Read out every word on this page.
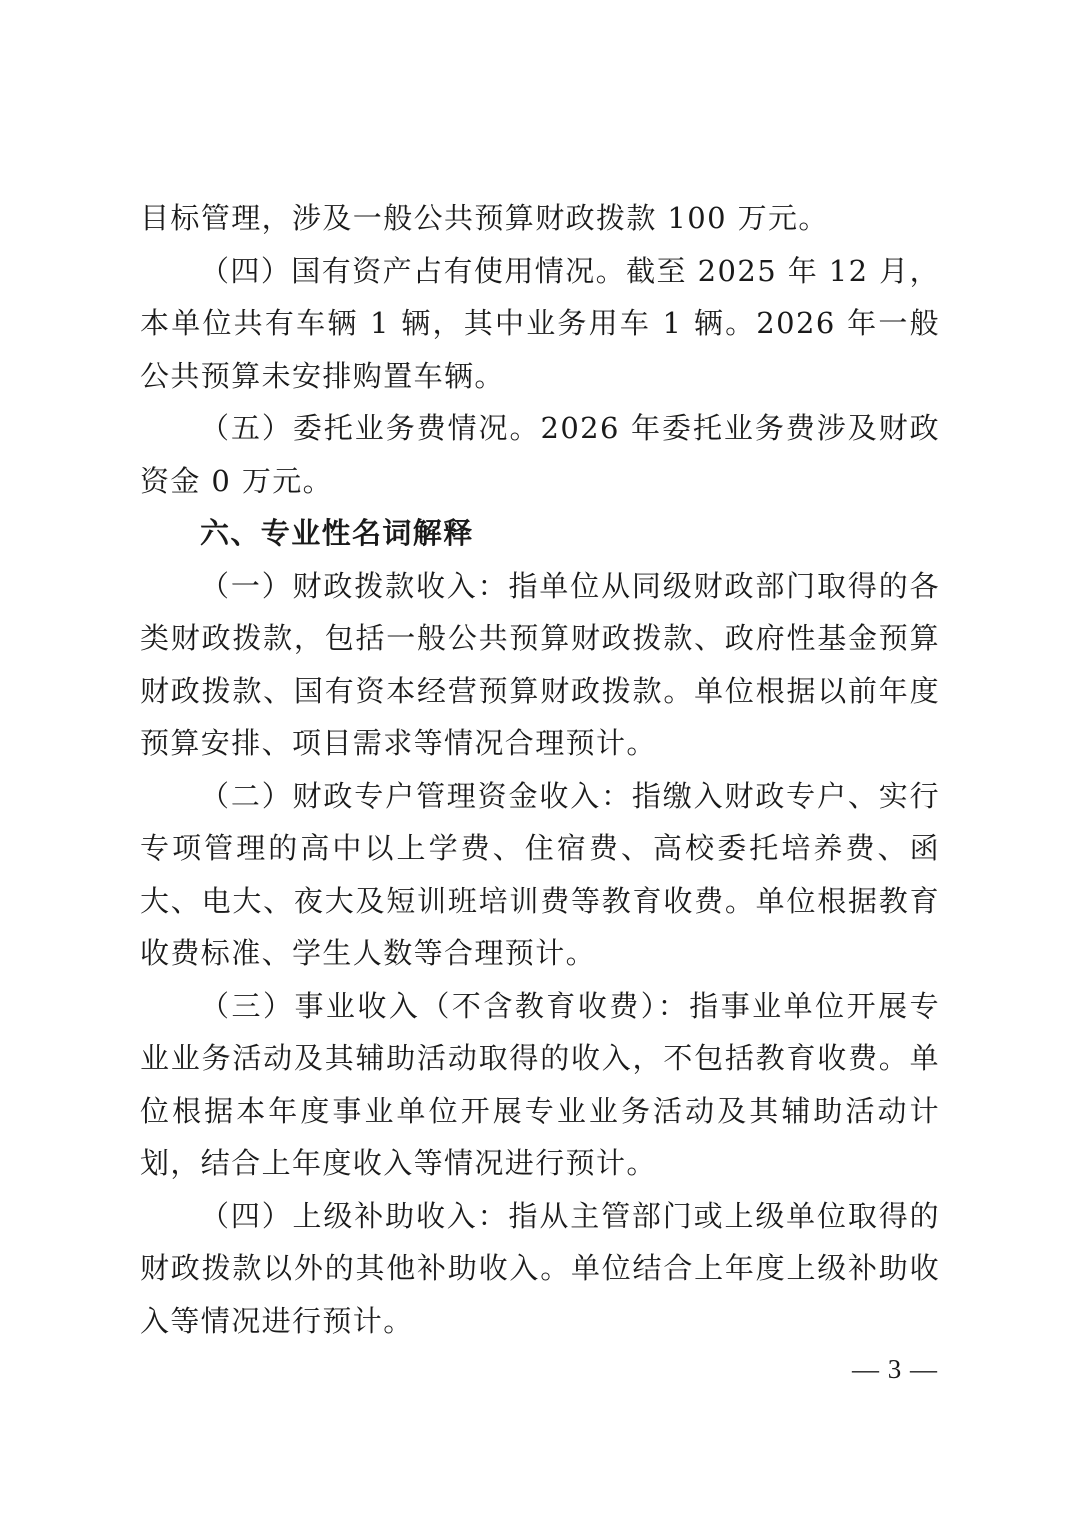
目标管理，涉及一般公共预算财政拨款 100 万元。

（四）国有资产占有使用情况。截至 2025 年 12 月，本单位共有车辆 1 辆，其中业务用车 1 辆。2026 年一般公共预算未安排购置车辆。

（五）委托业务费情况。2026 年委托业务费涉及财政资金 0 万元。

六、专业性名词解释

（一）财政拨款收入：指单位从同级财政部门取得的各类财政拨款，包括一般公共预算财政拨款、政府性基金预算财政拨款、国有资本经营预算财政拨款。单位根据以前年度预算安排、项目需求等情况合理预计。

（二）财政专户管理资金收入：指缴入财政专户、实行专项管理的高中以上学费、住宿费、高校委托培养费、函大、电大、夜大及短训班培训费等教育收费。单位根据教育收费标准、学生人数等合理预计。

（三）事业收入（不含教育收费）：指事业单位开展专业业务活动及其辅助活动取得的收入，不包括教育收费。单位根据本年度事业单位开展专业业务活动及其辅助活动计划，结合上年度收入等情况进行预计。

（四）上级补助收入：指从主管部门或上级单位取得的财政拨款以外的其他补助收入。单位结合上年度上级补助收入等情况进行预计。

— 3 —
